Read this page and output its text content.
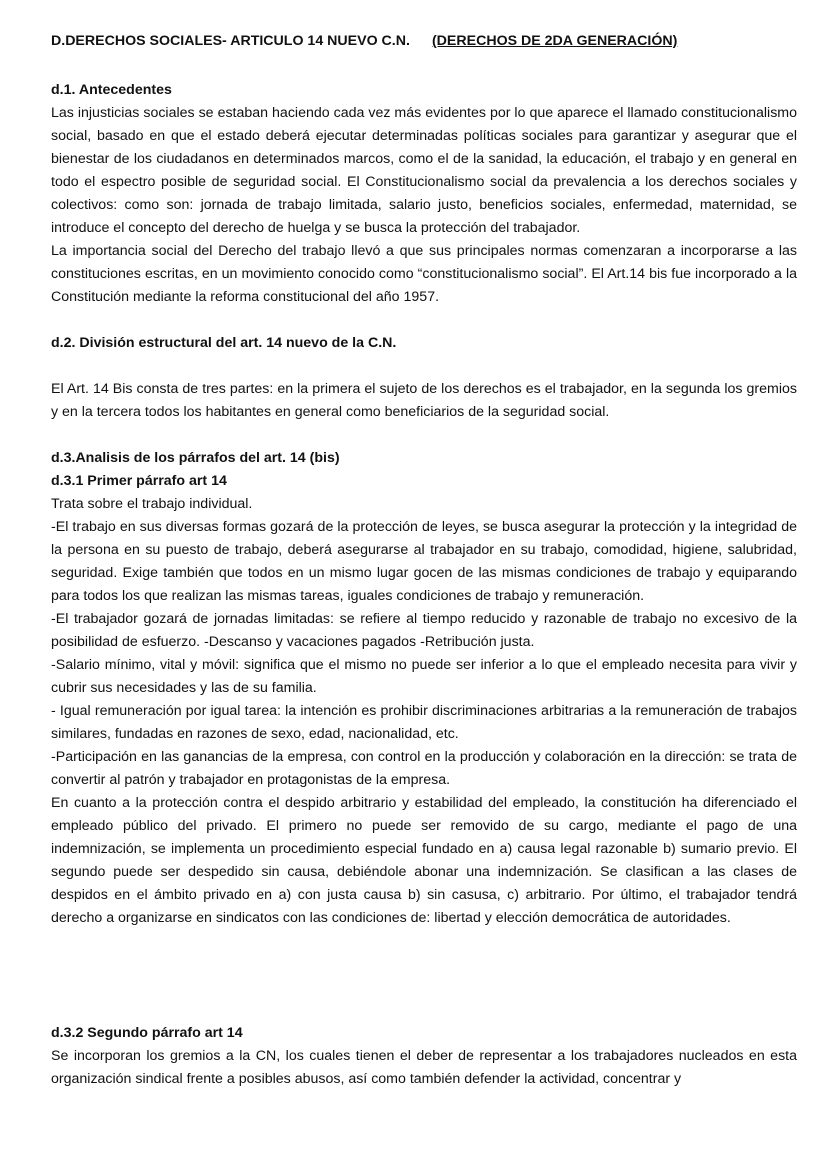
D.DERECHOS SOCIALES- ARTICULO 14 NUEVO C.N. (DERECHOS DE 2DA GENERACIÓN)
d.1. Antecedentes

Las injusticias sociales se estaban haciendo cada vez más evidentes por lo que aparece el llamado constitucionalismo social, basado en que el estado deberá ejecutar determinadas políticas sociales para garantizar y asegurar que el bienestar de los ciudadanos en determinados marcos, como el de la sanidad, la educación, el trabajo y en general en todo el espectro posible de seguridad social. El Constitucionalismo social da prevalencia a los derechos sociales y colectivos: como son: jornada de trabajo limitada, salario justo, beneficios sociales, enfermedad, maternidad, se introduce el concepto del derecho de huelga y se busca la protección del trabajador.

La importancia social del Derecho del trabajo llevó a que sus principales normas comenzaran a incorporarse a las constituciones escritas, en un movimiento conocido como “constitucionalismo social”. El Art.14 bis fue incorporado a la Constitución mediante la reforma constitucional del año 1957.

d.2. División estructural del art. 14 nuevo de la C.N.

El Art. 14 Bis consta de tres partes: en la primera el sujeto de los derechos es el trabajador, en la segunda los gremios y en la tercera todos los habitantes en general como beneficiarios de la seguridad social.

d.3.Analisis de los párrafos del art. 14 (bis)
d.3.1 Primer párrafo art 14

Trata sobre el trabajo individual.

-El trabajo en sus diversas formas gozará de la protección de leyes, se busca asegurar la protección y la integridad de la persona en su puesto de trabajo, deberá asegurarse al trabajador en su trabajo, comodidad, higiene, salubridad, seguridad. Exige también que todos en un mismo lugar gocen de las mismas condiciones de trabajo y equiparando para todos los que realizan las mismas tareas, iguales condiciones de trabajo y remuneración.

-El trabajador gozará de jornadas limitadas: se refiere al tiempo reducido y razonable de trabajo no excesivo de la posibilidad de esfuerzo. -Descanso y vacaciones pagados -Retribución justa.

-Salario mínimo, vital y móvil: significa que el mismo no puede ser inferior a lo que el empleado necesita para vivir y cubrir sus necesidades y las de su familia.

- Igual remuneración por igual tarea: la intención es prohibir discriminaciones arbitrarias a la remuneración de trabajos similares, fundadas en razones de sexo, edad, nacionalidad, etc.

-Participación en las ganancias de la empresa, con control en la producción y colaboración en la dirección: se trata de convertir al patrón y trabajador en protagonistas de la empresa.

En cuanto a la protección contra el despido arbitrario y estabilidad del empleado, la constitución ha diferenciado el empleado público del privado. El primero no puede ser removido de su cargo, mediante el pago de una indemnización, se implementa un procedimiento especial fundado en a) causa legal razonable b) sumario previo. El segundo puede ser despedido sin causa, debiéndole abonar una indemnización. Se clasifican a las clases de despidos en el ámbito privado en a) con justa causa b) sin casusa, c) arbitrario. Por último, el trabajador tendrá derecho a organizarse en sindicatos con las condiciones de: libertad y elección democrática de autoridades.

d.3.2 Segundo párrafo art 14

Se incorporan los gremios a la CN, los cuales tienen el deber de representar a los trabajadores nucleados en esta organización sindical frente a posibles abusos, así como también defender la actividad, concentrar y
